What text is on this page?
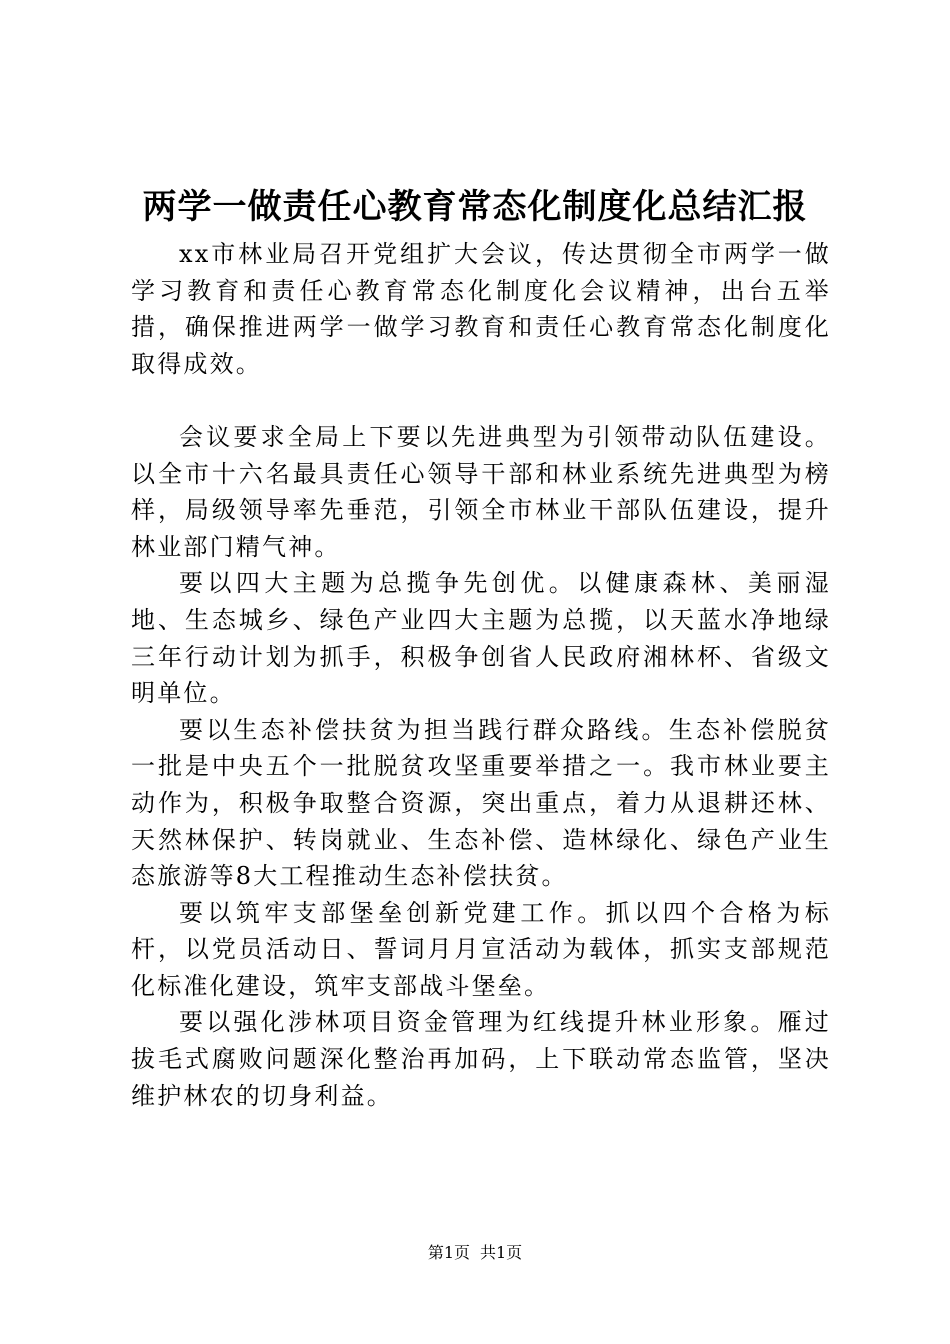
两学一做责任心教育常态化制度化总结汇报

xx市林业局召开党组扩大会议，传达贯彻全市两学一做学习教育和责任心教育常态化制度化会议精神，出台五举措，确保推进两学一做学习教育和责任心教育常态化制度化取得成效。

会议要求全局上下要以先进典型为引领带动队伍建设。以全市十六名最具责任心领导干部和林业系统先进典型为榜样，局级领导率先垂范，引领全市林业干部队伍建设，提升林业部门精气神。

要以四大主题为总揽争先创优。以健康森林、美丽湿地、生态城乡、绿色产业四大主题为总揽，以天蓝水净地绿三年行动计划为抓手，积极争创省人民政府湘林杯、省级文明单位。

要以生态补偿扶贫为担当践行群众路线。生态补偿脱贫一批是中央五个一批脱贫攻坚重要举措之一。我市林业要主动作为，积极争取整合资源，突出重点，着力从退耕还林、天然林保护、转岗就业、生态补偿、造林绿化、绿色产业生态旅游等8大工程推动生态补偿扶贫。

要以筑牢支部堡垒创新党建工作。抓以四个合格为标杆，以党员活动日、誓词月月宣活动为载体，抓实支部规范化标准化建设，筑牢支部战斗堡垒。

要以强化涉林项目资金管理为红线提升林业形象。雁过拔毛式腐败问题深化整治再加码，上下联动常态监管，坚决维护林农的切身利益。

第1页 共1页
